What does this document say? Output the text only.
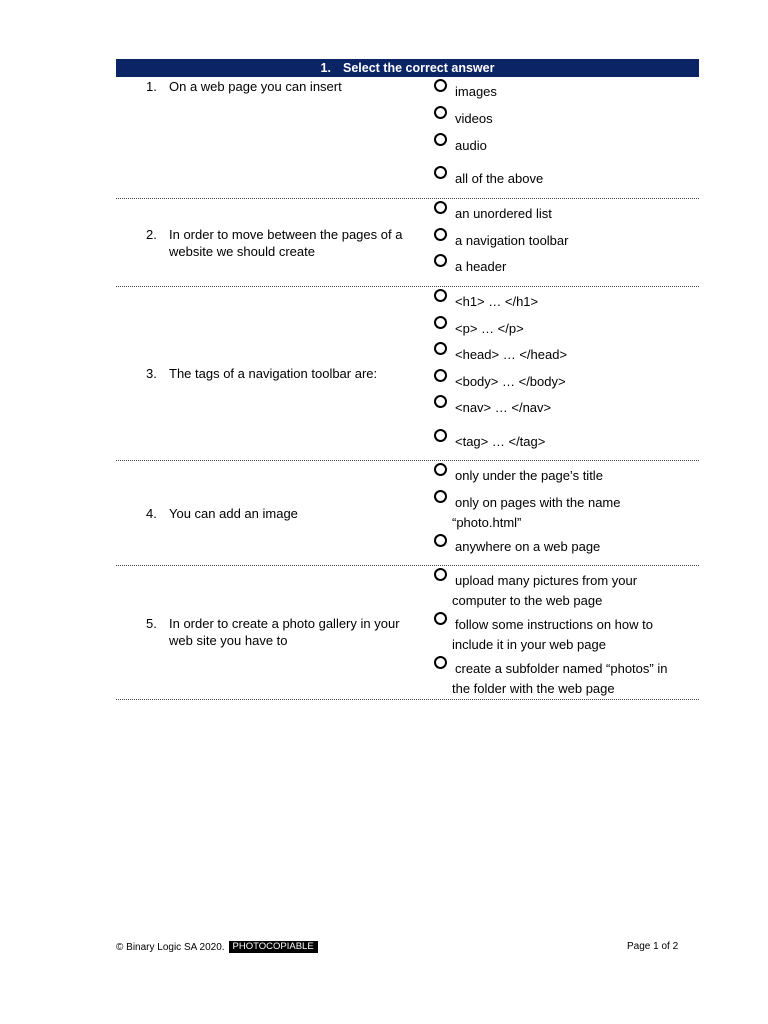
1. Select the correct answer
1. On a web page you can insert	images
videos
audio
all of the above
2. In order to move between the pages of a website we should create
an unordered list
a navigation toolbar
a header
3. The tags of a navigation toolbar are:
<h1> … </h1>
<p> … </p>
<head> … </head>
<body> … </body>
<nav> … </nav>
<tag> … </tag>
4. You can add an image
only under the page’s title
only on pages with the name “photo.html”
anywhere on a web page
5. In order to create a photo gallery in your web site you have to
upload many pictures from your computer to the web page
follow some instructions on how to include it in your web page
create a subfolder named “photos” in the folder with the web page
© Binary Logic SA 2020. PHOTOCOPIABLE	Page 1 of 2
